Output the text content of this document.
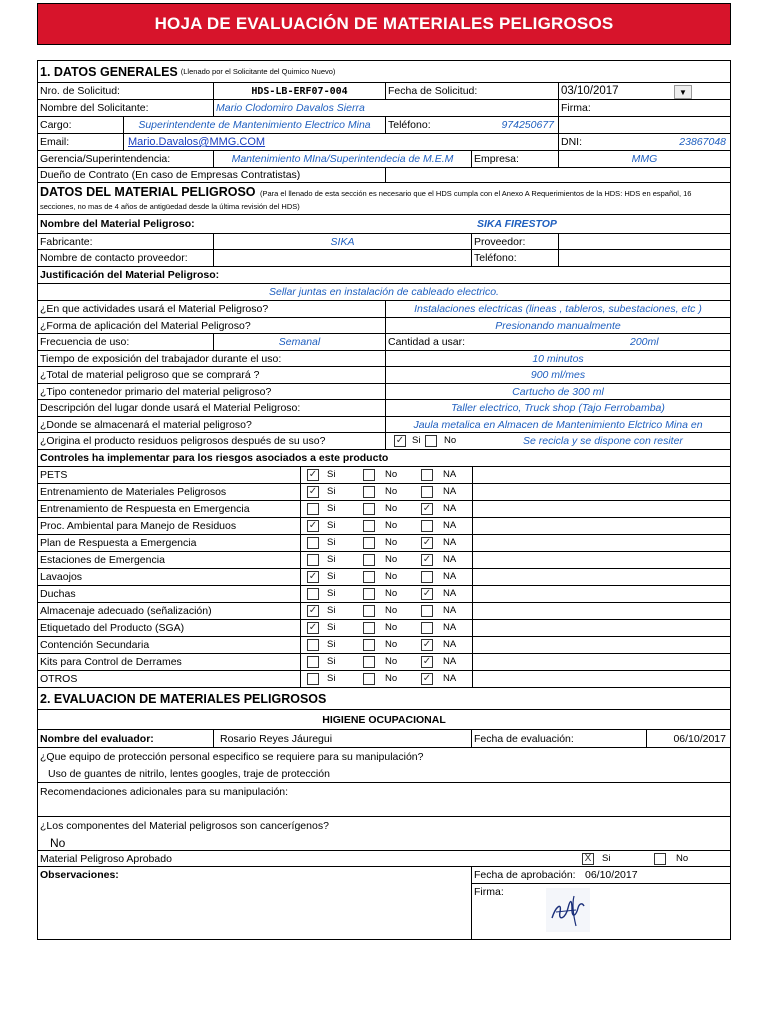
HOJA DE EVALUACIÓN DE MATERIALES PELIGROSOS
1. DATOS GENERALES (Llenado por el Solicitante del Quimico Nuevo)
Nro. de Solicitud:	HDS-LB-ERF07-004	Fecha de Solicitud:	03/10/2017	▼
Nombre del Solicitante:	Mario Clodomiro Davalos Sierra	Firma:
Cargo:	Superintendente de Mantenimiento Electrico Mina	Teléfono:	974250677
Email:	Mario.Davalos@MMG.COM	DNI:	23867048
Gerencia/Superintendencia:	Mantenimiento MIna/Superintendecia de M.E.M	Empresa:	MMG
Dueño de Contrato (En caso de Empresas Contratistas)
DATOS DEL MATERIAL PELIGROSO (Para el llenado de esta sección es necesario que el HDS cumpla con el Anexo A Requerimientos de la HDS: HDS en español, 16
secciones, no mas de 4 años de antigüedad desde la última revisión del HDS)
Nombre del Material Peligroso:	SIKA FIRESTOP
Fabricante:	SIKA	Proveedor:
Nombre de contacto proveedor:	Teléfono:
Justificación del Material Peligroso:
Sellar juntas en instalación de cableado electrico.
¿En que actividades usará el Material Peligroso?	Instalaciones electricas (lineas , tableros, subestaciones, etc )
¿Forma de aplicación del Material Peligroso?	Presionando manualmente
Frecuencia de uso:	Semanal	Cantidad a usar:	200ml
Tiempo de exposición del trabajador durante el uso:	10 minutos
¿Total de material peligroso que se comprará ?	900 ml/mes
¿Tipo contenedor primario del material peligroso?	Cartucho de 300 ml
Descripción del lugar donde usará el Material Peligroso:	Taller electrico, Truck shop (Tajo Ferrobamba)
¿Donde se almacenará el material peligroso?	Jaula metalica en Almacen de Mantenimiento Elctrico Mina en
¿Origina el producto residuos peligrosos después de su uso?	✓ Si No	Se recicla y se dispone con resiter
Controles ha implementar para los riesgos asociados a este producto
PETS	✓ Si	No	NA
Entrenamiento de Materiales Peligrosos	✓ Si	No	NA
Entrenamiento de Respuesta en Emergencia	Si	No	✓ NA
Proc. Ambiental para Manejo de Residuos	✓ Si	No	NA
Plan de Respuesta a Emergencia	Si	No	✓ NA
Estaciones de Emergencia	Si	No	✓ NA
Lavaojos	✓ Si	No	NA
Duchas	Si	No	✓ NA
Almacenaje adecuado (señalización)	✓ Si	No	NA
Etiquetado del Producto (SGA)	✓ Si	No	NA
Contención Secundaria	Si	No	✓ NA
Kits para Control de Derrames	Si	No	✓ NA
OTROS	Si	No	✓ NA
2. EVALUACION DE MATERIALES PELIGROSOS
HIGIENE OCUPACIONAL
Nombre del evaluador:	Rosario Reyes Jáuregui	Fecha de evaluación:	06/10/2017
¿Que equipo de protección personal especifico se requiere para su manipulación?
Uso de guantes de nitrilo, lentes googles, traje de protección
Recomendaciones adicionales para su manipulación:
¿Los componentes del Material peligrosos son cancerígenos?
No
Material Peligroso Aprobado	X Si	No
Observaciones:	Fecha de aprobación: 06/10/2017
Firma:
